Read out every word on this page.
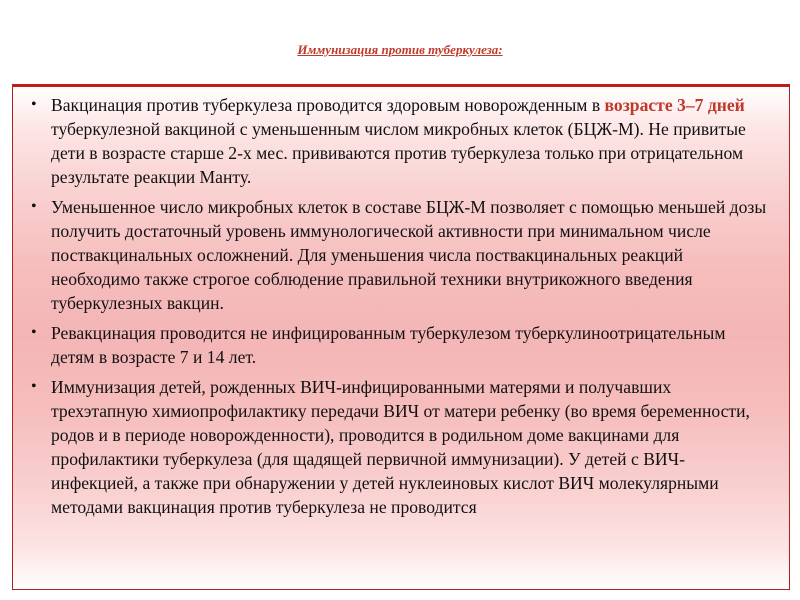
Иммунизация против туберкулеза:
• Вакцинация против туберкулеза проводится здоровым новорожденным в возрасте 3–7 дней туберкулезной вакциной с уменьшенным числом микробных клеток (БЦЖ-М). Не привитые дети в возрасте старше 2-х мес. прививаются против туберкулеза только при отрицательном результате реакции Манту.
• Уменьшенное число микробных клеток в составе БЦЖ-М позволяет с помощью меньшей дозы получить достаточный уровень иммунологической активности при минимальном числе поствакцинальных осложнений. Для уменьшения числа поствакцинальных реакций необходимо также строгое соблюдение правильной техники внутрикожного введения туберкулезных вакцин.
• Ревакцинация проводится не инфицированным туберкулезом туберкулиноотрицательным детям в возрасте 7 и 14 лет.
• Иммунизация детей, рожденных ВИЧ-инфицированными матерями и получавших трехэтапную химиопрофилактику передачи ВИЧ от матери ребенку (во время беременности, родов и в периоде новорожденности), проводится в родильном доме вакцинами для профилактики туберкулеза (для щадящей первичной иммунизации). У детей с ВИЧ-инфекцией, а также при обнаружении у детей нуклеиновых кислот ВИЧ молекулярными методами вакцинация против туберкулеза не проводится
